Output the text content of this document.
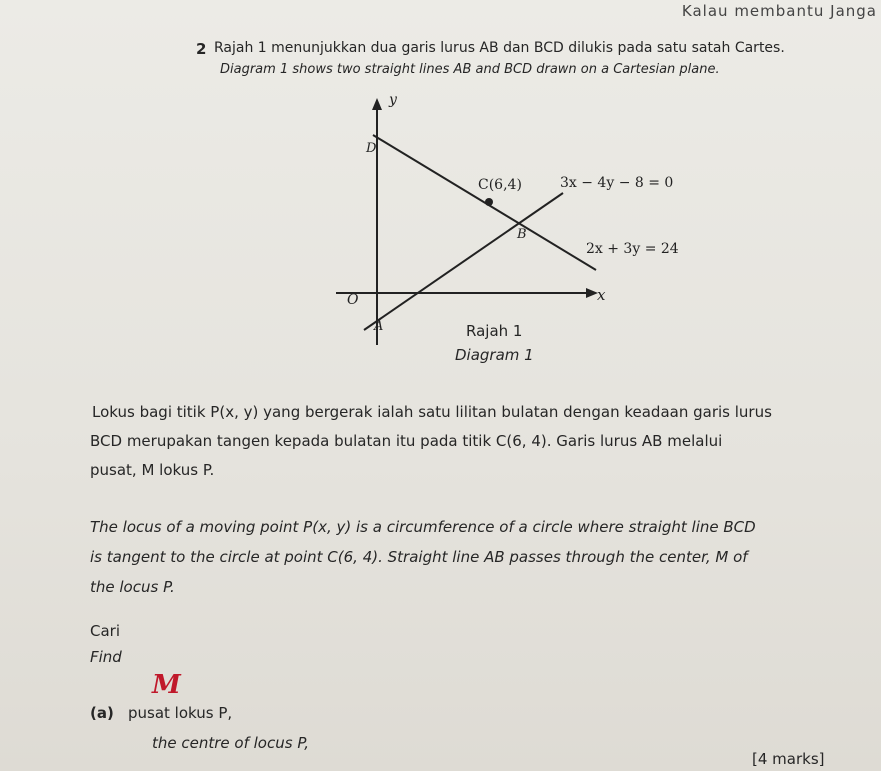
Kalau membantu Janga
2 Rajah 1 menunjukkan dua garis lurus AB dan BCD dilukis pada satu satah Cartes.
Diagram 1 shows two straight lines AB and BCD drawn on a Cartesian plane.
y
x
O
A
B
C(6,4)
D
3x − 4y − 8 = 0
2x + 3y = 24
Rajah 1
Diagram 1
Lokus bagi titik P(x, y) yang bergerak ialah satu lilitan bulatan dengan keadaan garis lurus
BCD merupakan tangen kepada bulatan itu pada titik C(6, 4). Garis lurus AB melalui
pusat, M lokus P.
The locus of a moving point P(x, y) is a circumference of a circle where straight line BCD
is tangent to the circle at point C(6, 4). Straight line AB passes through the center, M of
the locus P.
Cari
Find
M
(a) pusat lokus P,
the centre of locus P,
[4 marks]
